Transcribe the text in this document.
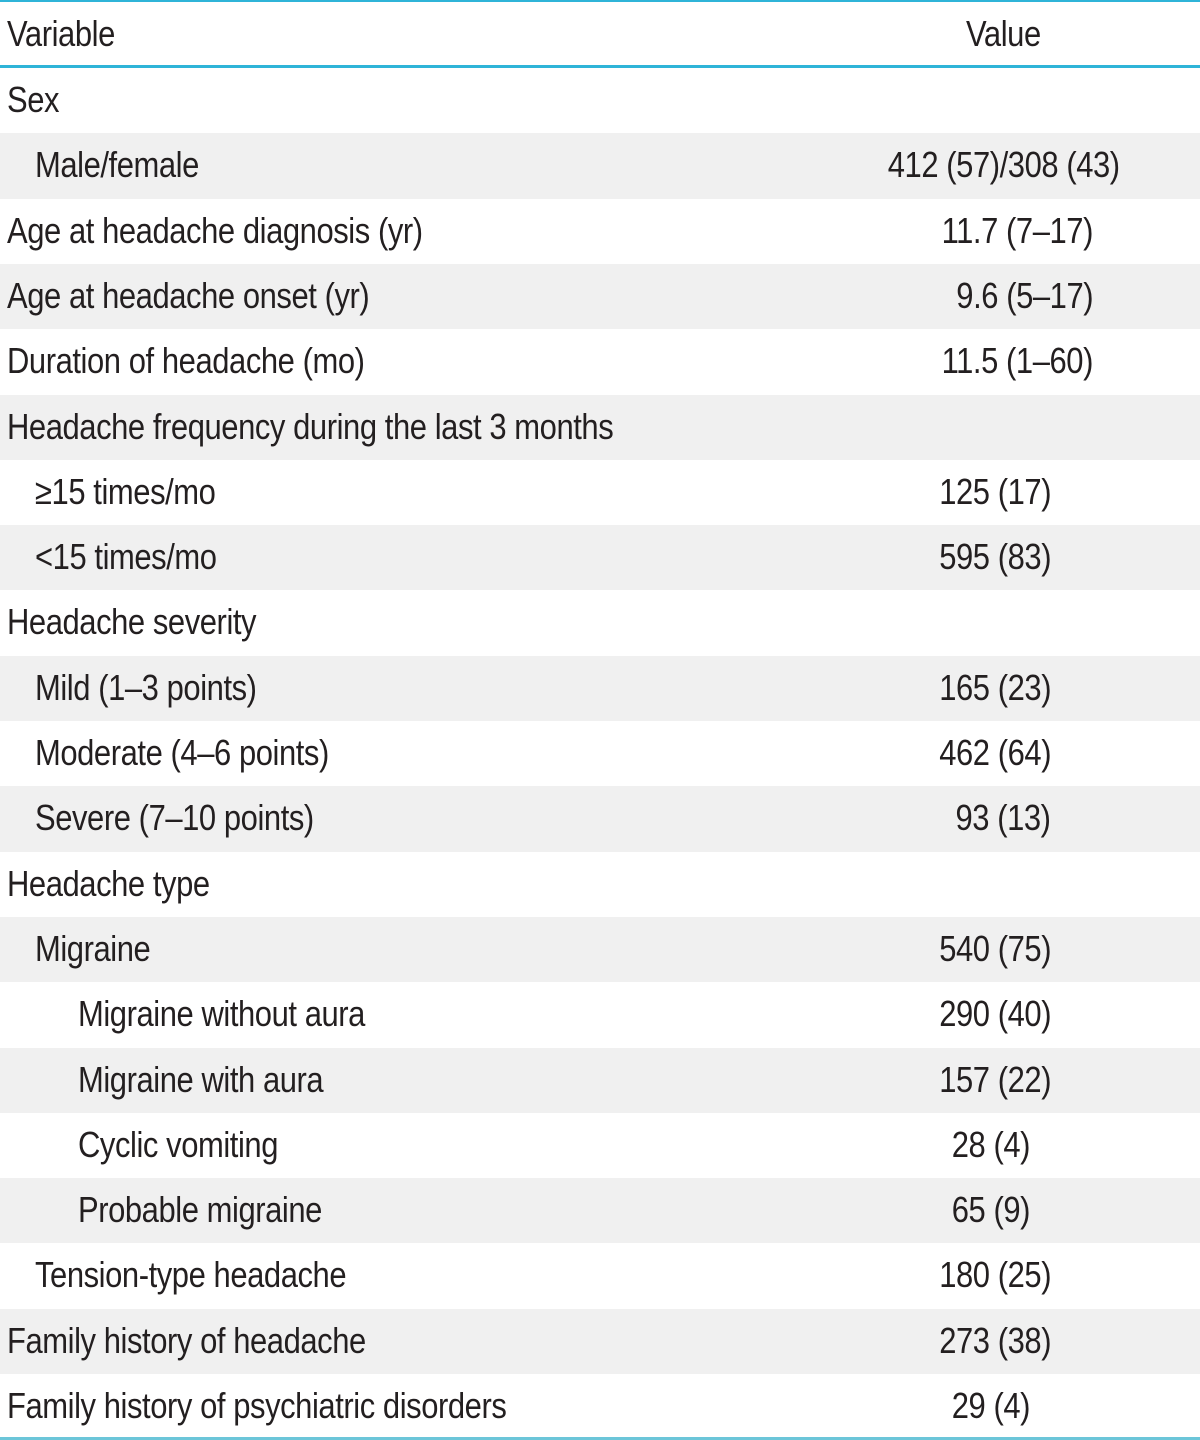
Variable	Value
Sex
Male/female	412 (57)/308 (43)
Age at headache diagnosis (yr)	11.7 (7–17)
Age at headache onset (yr)	9.6 (5–17)
Duration of headache (mo)	11.5 (1–60)
Headache frequency during the last 3 months
≥15 times/mo	125 (17)
<15 times/mo	595 (83)
Headache severity
Mild (1–3 points)	165 (23)
Moderate (4–6 points)	462 (64)
Severe (7–10 points)	93 (13)
Headache type
Migraine	540 (75)
Migraine without aura	290 (40)
Migraine with aura	157 (22)
Cyclic vomiting	28 (4)
Probable migraine	65 (9)
Tension-type headache	180 (25)
Family history of headache	273 (38)
Family history of psychiatric disorders	29 (4)
